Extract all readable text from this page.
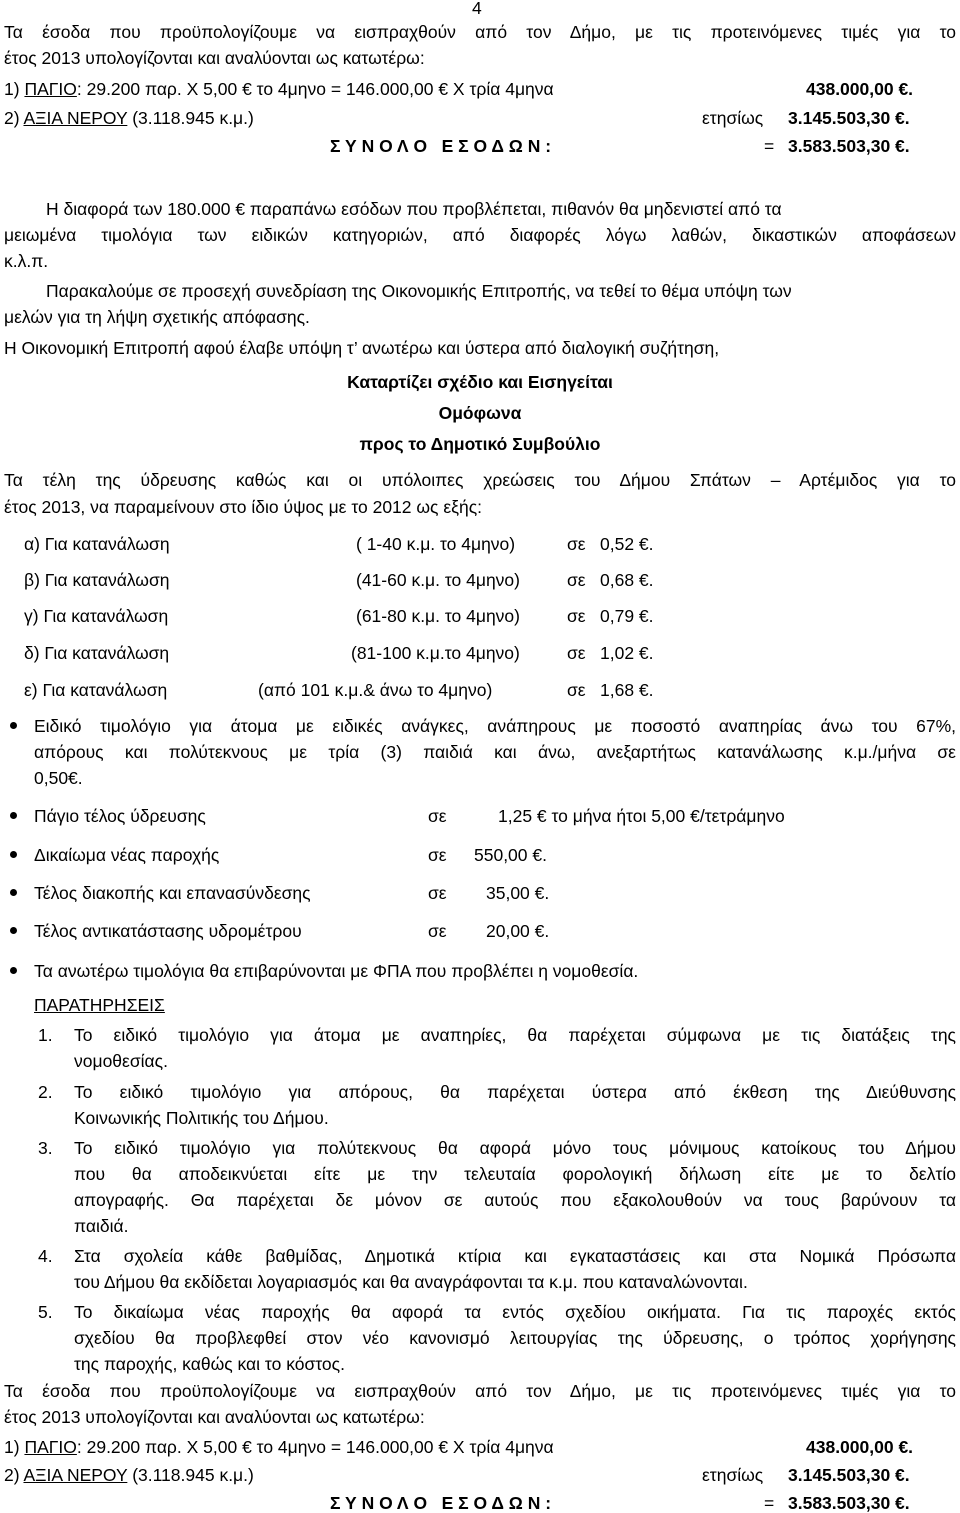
4
Τα έσοδα που προϋπολογίζουμε να εισπραχθούν από τον Δήμο, με τις προτεινόμενες τιμές για το
έτος 2013 υπολογίζονται και αναλύονται ως κατωτέρω:
1) ΠΑΓΙΟ: 29.200 παρ. Χ 5,00 € το 4μηνο = 146.000,00 € Χ τρία 4μηνα	438.000,00 €.
2) ΑΞΙΑ ΝΕΡΟΥ (3.118.945 κ.μ.)	ετησίως 3.145.503,30 €.
Σ Υ Ν Ο Λ Ο   Ε Σ Ο Δ Ω Ν :	= 3.583.503,30 €.
Η διαφορά των 180.000 € παραπάνω εσόδων που προβλέπεται, πιθανόν θα μηδενιστεί από τα
μειωμένα τιμολόγια των ειδικών κατηγοριών, από διαφορές λόγω λαθών, δικαστικών αποφάσεων
κ.λ.π.
Παρακαλούμε σε προσεχή συνεδρίαση της Οικονομικής Επιτροπής, να τεθεί το θέμα υπόψη των
μελών για τη λήψη σχετικής απόφασης.
Η Οικονομική Επιτροπή αφού έλαβε υπόψη τ’ ανωτέρω και ύστερα από διαλογική συζήτηση,
Καταρτίζει σχέδιο και Εισηγείται
Ομόφωνα
προς το Δημοτικό Συμβούλιο
Τα τέλη της ύδρευσης καθώς και οι υπόλοιπες χρεώσεις του Δήμου Σπάτων – Αρτέμιδος για το
έτος 2013, να παραμείνουν στο ίδιο ύψος με το 2012 ως εξής:
α) Για κατανάλωση	( 1-40 κ.μ. το 4μηνο)	σε 0,52 €.
β) Για κατανάλωση	(41-60 κ.μ. το 4μηνο)	σε 0,68 €.
γ) Για κατανάλωση	(61-80 κ.μ. το 4μηνο)	σε 0,79 €.
δ) Για κατανάλωση	(81-100 κ.μ.το 4μηνο)	σε 1,02 €.
ε) Για κατανάλωση	(από 101 κ.μ.& άνω το 4μηνο)	σε 1,68 €.
Ειδικό τιμολόγιο για άτομα με ειδικές ανάγκες, ανάπηρους με ποσοστό αναπηρίας άνω του 67%,
απόρους και πολύτεκνους με τρία (3) παιδιά και άνω, ανεξαρτήτως κατανάλωσης κ.μ./μήνα σε
0,50€.
Πάγιο τέλος ύδρευσης	σε	1,25 € το μήνα ήτοι 5,00 €/τετράμηνο
Δικαίωμα νέας παροχής	σε 550,00 €.
Τέλος διακοπής και επανασύνδεσης	σε 35,00 €.
Τέλος αντικατάστασης υδρομέτρου	σε 20,00 €.
Τα ανωτέρω τιμολόγια θα επιβαρύνονται με ΦΠΑ που προβλέπει η νομοθεσία.
ΠΑΡΑΤΗΡΗΣΕΙΣ
1. Το ειδικό τιμολόγιο για άτομα με αναπηρίες, θα παρέχεται σύμφωνα με τις διατάξεις της
νομοθεσίας.
2. Το ειδικό τιμολόγιο για απόρους, θα παρέχεται ύστερα από έκθεση της Διεύθυνσης
Κοινωνικής Πολιτικής του Δήμου.
3. Το ειδικό τιμολόγιο για πολύτεκνους θα αφορά μόνο τους μόνιμους κατοίκους του Δήμου
που θα αποδεικνύεται είτε με την τελευταία φορολογική δήλωση είτε με το δελτίο
απογραφής. Θα παρέχεται δε μόνον σε αυτούς που εξακολουθούν να τους βαρύνουν τα
παιδιά.
4. Στα σχολεία κάθε βαθμίδας, Δημοτικά κτίρια και εγκαταστάσεις και στα Νομικά Πρόσωπα
του Δήμου θα εκδίδεται λογαριασμός και θα αναγράφονται τα κ.μ. που καταναλώνονται.
5. Το δικαίωμα νέας παροχής θα αφορά τα εντός σχεδίου οικήματα. Για τις παροχές εκτός
σχεδίου θα προβλεφθεί στον νέο κανονισμό λειτουργίας της ύδρευσης, ο τρόπος χορήγησης
της παροχής, καθώς και το κόστος.
Τα έσοδα που προϋπολογίζουμε να εισπραχθούν από τον Δήμο, με τις προτεινόμενες τιμές για το
έτος 2013 υπολογίζονται και αναλύονται ως κατωτέρω:
1) ΠΑΓΙΟ: 29.200 παρ. Χ 5,00 € το 4μηνο = 146.000,00 € Χ τρία 4μηνα	438.000,00 €.
2) ΑΞΙΑ ΝΕΡΟΥ (3.118.945 κ.μ.)	ετησίως 3.145.503,30 €.
Σ Υ Ν Ο Λ Ο   Ε Σ Ο Δ Ω Ν :	= 3.583.503,30 €.
